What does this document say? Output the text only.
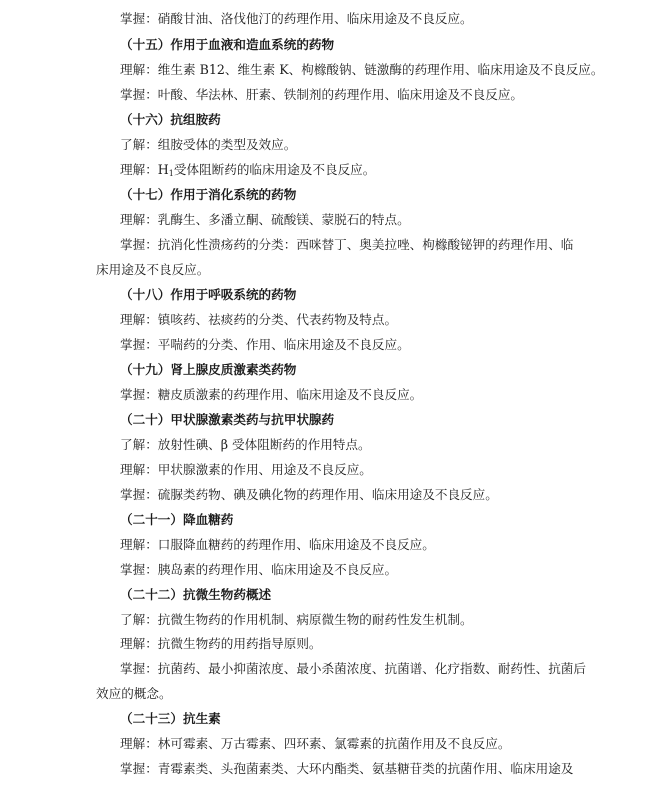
掌握：硝酸甘油、洛伐他汀的药理作用、临床用途及不良反应。
（十五）作用于血液和造血系统的药物
理解：维生素 B12、维生素 K、枸橼酸钠、链激酶的药理作用、临床用途及不良反应。
掌握：叶酸、华法林、肝素、铁制剂的药理作用、临床用途及不良反应。
（十六）抗组胺药
了解：组胺受体的类型及效应。
理解：$H_1$受体阻断药的临床用途及不良反应。
（十七）作用于消化系统的药物
理解：乳酶生、多潘立酮、硫酸镁、蒙脱石的特点。
掌握：抗消化性溃疡药的分类：西咪替丁、奥美拉唑、枸橼酸铋钾的药理作用、临
床用途及不良反应。
（十八）作用于呼吸系统的药物
理解：镇咳药、祛痰药的分类、代表药物及特点。
掌握：平喘药的分类、作用、临床用途及不良反应。
（十九）肾上腺皮质激素类药物
掌握：糖皮质激素的药理作用、临床用途及不良反应。
（二十）甲状腺激素类药与抗甲状腺药
了解：放射性碘、β 受体阻断药的作用特点。
理解：甲状腺激素的作用、用途及不良反应。
掌握：硫脲类药物、碘及碘化物的药理作用、临床用途及不良反应。
（二十一）降血糖药
理解：口服降血糖药的药理作用、临床用途及不良反应。
掌握：胰岛素的药理作用、临床用途及不良反应。
（二十二）抗微生物药概述
了解：抗微生物药的作用机制、病原微生物的耐药性发生机制。
理解：抗微生物药的用药指导原则。
掌握：抗菌药、最小抑菌浓度、最小杀菌浓度、抗菌谱、化疗指数、耐药性、抗菌后
效应的概念。
（二十三）抗生素
理解：林可霉素、万古霉素、四环素、氯霉素的抗菌作用及不良反应。
掌握：青霉素类、头孢菌素类、大环内酯类、氨基糖苷类的抗菌作用、临床用途及
